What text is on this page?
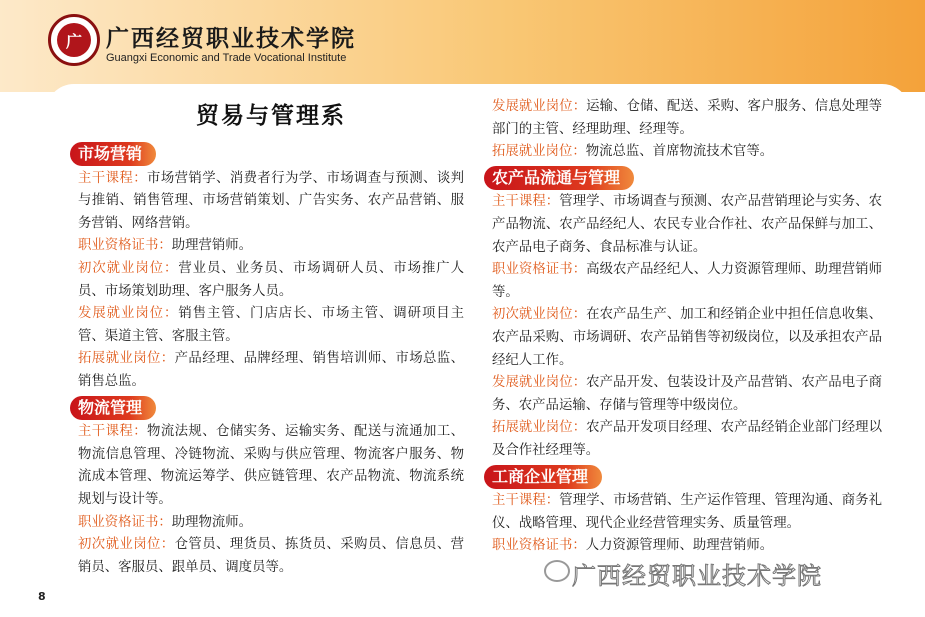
广	广西经贸职业技术学院
Guangxi Economic and Trade Vocational Institute
贸易与管理系
市场营销
主干课程：市场营销学、消费者行为学、市场调查与预测、谈判与推销、销售管理、市场营销策划、广告实务、农产品营销、服务营销、网络营销。
职业资格证书：助理营销师。
初次就业岗位：营业员、业务员、市场调研人员、市场推广人员、市场策划助理、客户服务人员。
发展就业岗位：销售主管、门店店长、市场主管、调研项目主管、渠道主管、客服主管。
拓展就业岗位：产品经理、品牌经理、销售培训师、市场总监、销售总监。
物流管理
主干课程：物流法规、仓储实务、运输实务、配送与流通加工、物流信息管理、冷链物流、采购与供应管理、物流客户服务、物流成本管理、物流运筹学、供应链管理、农产品物流、物流系统规划与设计等。
职业资格证书：助理物流师。
初次就业岗位：仓管员、理货员、拣货员、采购员、信息员、营销员、客服员、跟单员、调度员等。
发展就业岗位：运输、仓储、配送、采购、客户服务、信息处理等部门的主管、经理助理、经理等。
拓展就业岗位：物流总监、首席物流技术官等。
农产品流通与管理
主干课程：管理学、市场调查与预测、农产品营销理论与实务、农产品物流、农产品经纪人、农民专业合作社、农产品保鲜与加工、农产品电子商务、食品标准与认证。
职业资格证书：高级农产品经纪人、人力资源管理师、助理营销师等。
初次就业岗位：在农产品生产、加工和经销企业中担任信息收集、农产品采购、市场调研、农产品销售等初级岗位，以及承担农产品经纪人工作。
发展就业岗位：农产品开发、包装设计及产品营销、农产品电子商务、农产品运输、存储与管理等中级岗位。
拓展就业岗位：农产品开发项目经理、农产品经销企业部门经理以及合作社经理等。
工商企业管理
主干课程：管理学、市场营销、生产运作管理、管理沟通、商务礼仪、战略管理、现代企业经营管理实务、质量管理。
职业资格证书：人力资源管理师、助理营销师。
8
广西经贸职业技术学院
